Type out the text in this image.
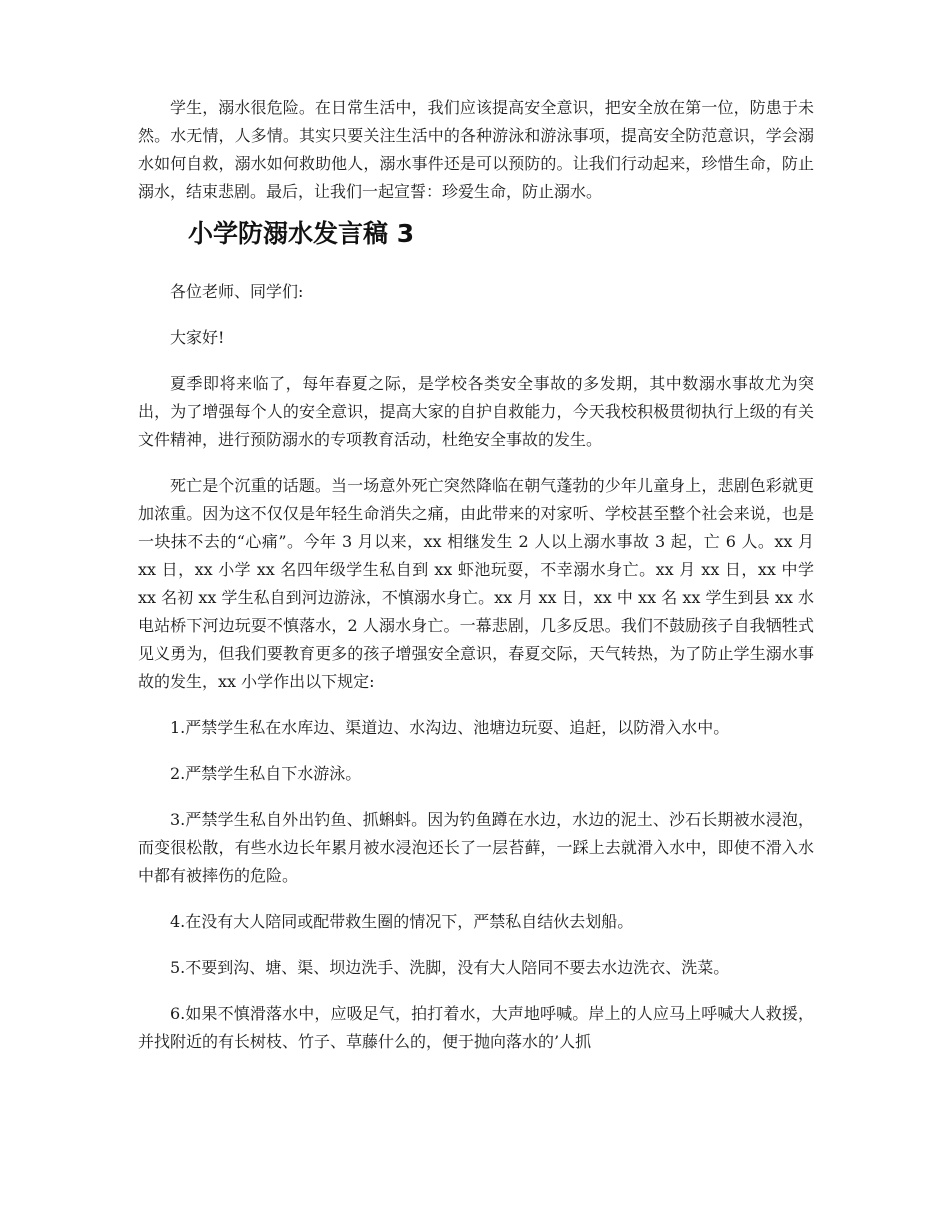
学生，溺水很危险。在日常生活中，我们应该提高安全意识，把安全放在第一位，防患于未然。水无情，人多情。其实只要关注生活中的各种游泳和游泳事项，提高安全防范意识，学会溺水如何自救，溺水如何救助他人，溺水事件还是可以预防的。让我们行动起来，珍惜生命，防止溺水，结束悲剧。最后，让我们一起宣誓：珍爱生命，防止溺水。

小学防溺水发言稿 3

各位老师、同学们:

大家好!

夏季即将来临了，每年春夏之际，是学校各类安全事故的多发期，其中数溺水事故尤为突出，为了增强每个人的安全意识，提高大家的自护自救能力，今天我校积极贯彻执行上级的有关文件精神，进行预防溺水的专项教育活动，杜绝安全事故的发生。

死亡是个沉重的话题。当一场意外死亡突然降临在朝气蓬勃的少年儿童身上，悲剧色彩就更加浓重。因为这不仅仅是年轻生命消失之痛，由此带来的对家听、学校甚至整个社会来说，也是一块抹不去的“心痛”。今年 3 月以来，xx 相继发生 2 人以上溺水事故 3 起，亡 6 人。xx 月 xx 日，xx 小学 xx 名四年级学生私自到 xx 虾池玩耍，不幸溺水身亡。xx 月 xx 日，xx 中学 xx 名初 xx 学生私自到河边游泳，不慎溺水身亡。xx 月 xx 日，xx 中 xx 名 xx 学生到县 xx 水电站桥下河边玩耍不慎落水，2 人溺水身亡。一幕悲剧，几多反思。我们不鼓励孩子自我牺牲式见义勇为，但我们要教育更多的孩子增强安全意识，春夏交际，天气转热，为了防止学生溺水事故的发生，xx 小学作出以下规定:

1.严禁学生私在水库边、渠道边、水沟边、池塘边玩耍、追赶，以防滑入水中。

2.严禁学生私自下水游泳。

3.严禁学生私自外出钓鱼、抓蝌蚪。因为钓鱼蹲在水边，水边的泥土、沙石长期被水浸泡，而变很松散，有些水边长年累月被水浸泡还长了一层苔藓，一踩上去就滑入水中，即使不滑入水中都有被摔伤的危险。

4.在没有大人陪同或配带救生圈的情况下，严禁私自结伙去划船。

5.不要到沟、塘、渠、坝边洗手、洗脚，没有大人陪同不要去水边洗衣、洗菜。

6.如果不慎滑落水中，应吸足气，拍打着水，大声地呼喊。岸上的人应马上呼喊大人救援，并找附近的有长树枝、竹子、草藤什么的，便于抛向落水的’人抓
